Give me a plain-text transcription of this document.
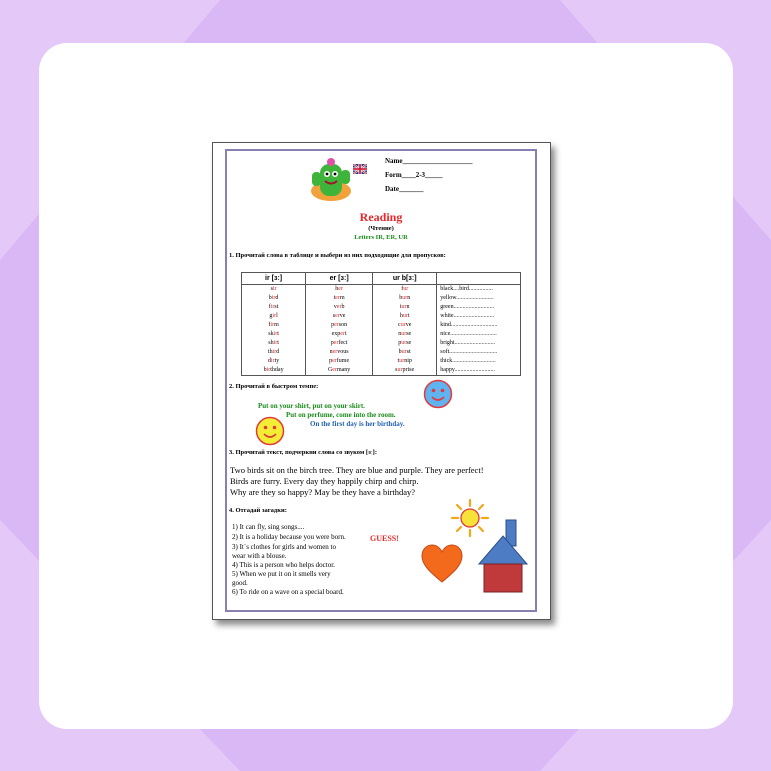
Name____________________
Form____2-3_____
Date_______
Reading
(Чтение)
Letters IR, ER, UR
1. Прочитай слова в таблице и выбери из них подходящие для пропусков:
ir [ɜː]	er [ɜː]	ur b[ɜː]	
sir	her	fur	black....bird................
bird	term	burn	yellow.........................
first	verb	turn	green...........................
girl	serve	hurt	white...........................
firm	person	curve	kind...............................
skirt	expert	nurse	nice...............................
shirt	perfect	purse	bright...........................
third	nervous	burst	soft................................
dirty	perfume	turnip	thick.............................
birthday	Germany	surprise	happy...........................
2. Прочитай в быстром темпе:
Put on your shirt, put on your skirt.
Put on perfume, come into the room.
On the first day is her birthday.
3. Прочитай текст, подчеркни слова со звуком [ɜː]:
Two birds sit on the birch tree. They are blue and purple. They are perfect!
Birds are furry. Every day they happily chirp and chirp.
Why are they so happy? May be they have a birthday?
4. Отгадай загадки:
1) It can fly, sing songs....
2) It is a holiday because you were born.
3) It`s clothes for girls and women to
wear with a blouse.
4) This is a person who helps doctor.
5) When we put it on it smells very
good.
6) To ride on a wave on a special board.
GUESS!
